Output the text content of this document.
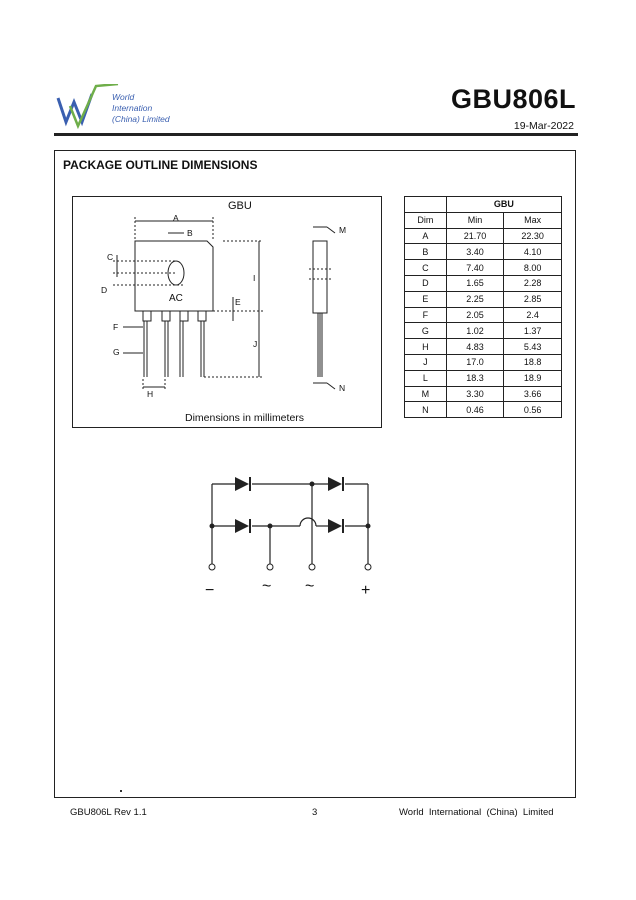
World
Internation
(China) Limited
GBU806L
19-Mar-2022
PACKAGE OUTLINE DIMENSIONS
Dimensions in millimeters
GBU
AC
A
B
C
D
E
F
G
H
I
J
M
N
	GBU	
Dim	Min	Max
A	21.70	22.30
B	3.40	4.10
C	7.40	8.00
D	1.65	2.28
E	2.25	2.85
F	2.05	2.4
G	1.02	1.37
H	4.83	5.43
J	17.0	18.8
L	18.3	18.9
M	3.30	3.66
N	0.46	0.56
−	~ ~	+
GBU806L Rev 1.1	3	World  International  (China)  Limited
